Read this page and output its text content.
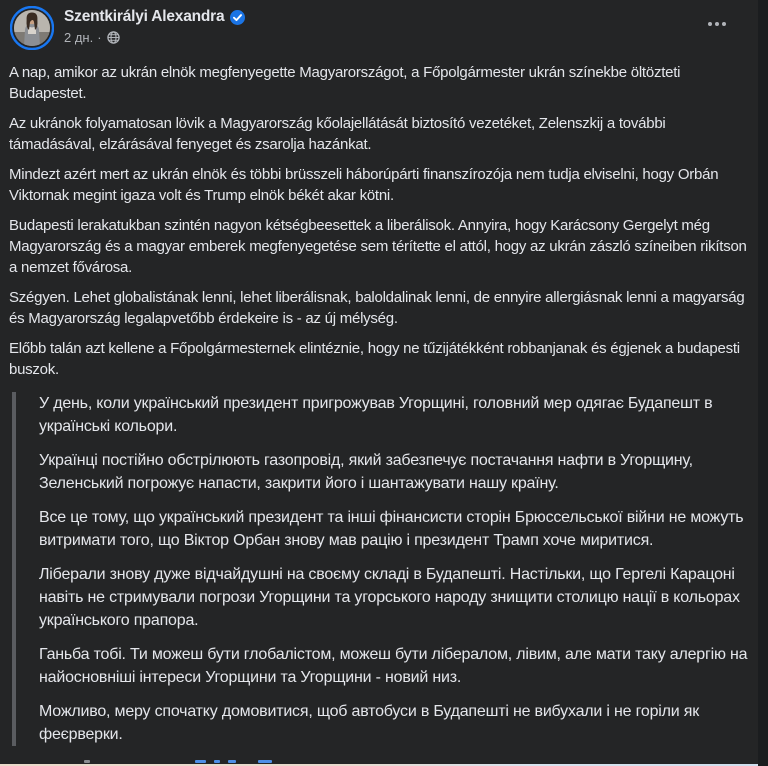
Szentkirályi Alexandra
2 дн. ·

A nap, amikor az ukrán elnök megfenyegette Magyarországot, a Főpolgármester ukrán színekbe öltözteti Budapestet.

Az ukránok folyamatosan lövik a Magyarország kőolajellátását biztosító vezetéket, Zelenszkij a további támadásával, elzárásával fenyeget és zsarolja hazánkat.

Mindezt azért mert az ukrán elnök és többi brüsszeli háborúpárti finanszírozója nem tudja elviselni, hogy Orbán Viktornak megint igaza volt és Trump elnök békét akar kötni.

Budapesti lerakatukban szintén nagyon kétségbeesettek a liberálisok. Annyira, hogy Karácsony Gergelyt még Magyarország és a magyar emberek megfenyegetése sem térítette el attól, hogy az ukrán zászló színeiben rikítson a nemzet fővárosa.

Szégyen. Lehet globalistának lenni, lehet liberálisnak, baloldalinak lenni, de ennyire allergiásnak lenni a magyarság és Magyarország legalapvetőbb érdekeire is - az új mélység.

Előbb talán azt kellene a Főpolgármesternek elintéznie, hogy ne tűzijátékként robbanjanak és égjenek a budapesti buszok.

У день, коли український президент пригрожував Угорщині, головний мер одягає Будапешт в українські кольори.

Українці постійно обстрілюють газопровід, який забезпечує постачання нафти в Угорщину, Зеленський погрожує напасти, закрити його і шантажувати нашу країну.

Все це тому, що український президент та інші фінансисти сторін Брюссельської війни не можуть витримати того, що Віктор Орбан знову мав рацію і президент Трамп хоче миритися.

Ліберали знову дуже відчайдушні на своєму складі в Будапешті. Настільки, що Гергелі Карацоні навіть не стримували погрози Угорщини та угорського народу знищити столицю нації в кольорах українського прапора.

Ганьба тобі. Ти можеш бути глобалістом, можеш бути лібералом, лівим, але мати таку алергію на найосновніші інтереси Угорщини та Угорщини - новий низ.

Можливо, меру спочатку домовитися, щоб автобуси в Будапешті не вибухали і не горіли як феєрверки.
